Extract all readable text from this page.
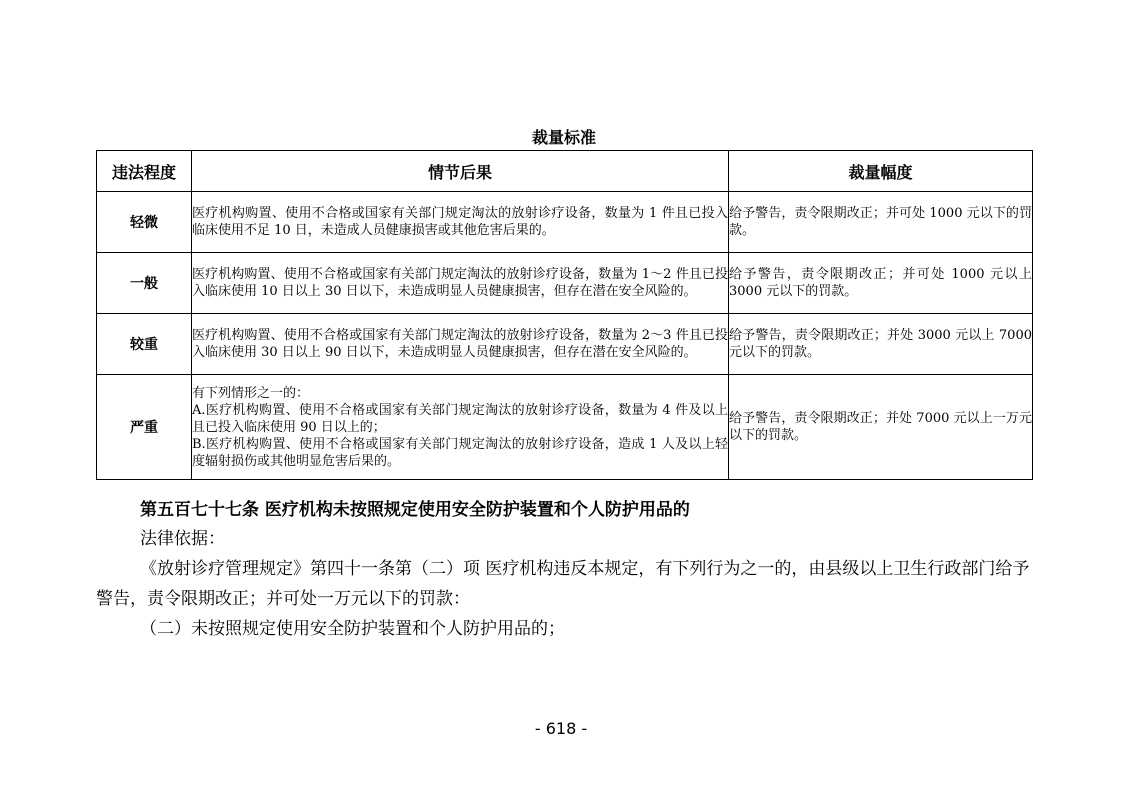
裁量标准
违法程度	情节后果	裁量幅度
轻微	医疗机构购置、使用不合格或国家有关部门规定淘汰的放射诊疗设备，数量为 1 件且已投入临床使用不足 10 日，未造成人员健康损害或其他危害后果的。	给予警告，责令限期改正；并可处 1000 元以下的罚款。
一般	医疗机构购置、使用不合格或国家有关部门规定淘汰的放射诊疗设备，数量为 1～2 件且已投入临床使用 10 日以上 30 日以下，未造成明显人员健康损害，但存在潜在安全风险的。	给予警告，责令限期改正；并可处 1000 元以上 3000 元以下的罚款。
较重	医疗机构购置、使用不合格或国家有关部门规定淘汰的放射诊疗设备，数量为 2～3 件且已投入临床使用 30 日以上 90 日以下，未造成明显人员健康损害，但存在潜在安全风险的。	给予警告，责令限期改正；并处 3000 元以上 7000 元以下的罚款。
严重	有下列情形之一的：
A.医疗机构购置、使用不合格或国家有关部门规定淘汰的放射诊疗设备，数量为 4 件及以上且已投入临床使用 90 日以上的；
B.医疗机构购置、使用不合格或国家有关部门规定淘汰的放射诊疗设备，造成 1 人及以上轻度辐射损伤或其他明显危害后果的。	给予警告，责令限期改正；并处 7000 元以上一万元以下的罚款。
第五百七十七条 医疗机构未按照规定使用安全防护装置和个人防护用品的
法律依据：
《放射诊疗管理规定》第四十一条第（二）项 医疗机构违反本规定，有下列行为之一的，由县级以上卫生行政部门给予警告，责令限期改正；并可处一万元以下的罚款：
（二）未按照规定使用安全防护装置和个人防护用品的；
- 618 -
